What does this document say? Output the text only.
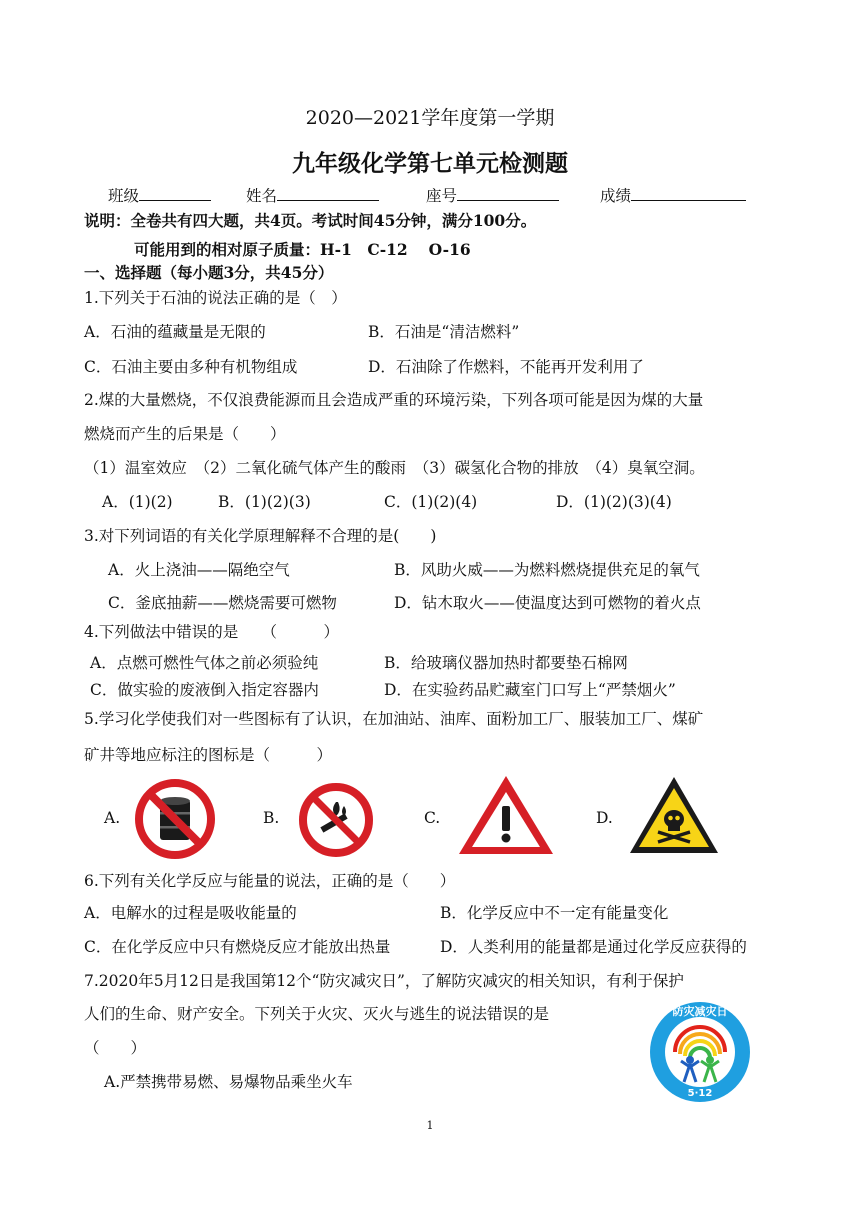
2020—2021学年度第一学期
九年级化学第七单元检测题
班级	姓名	座号	成绩
说明：全卷共有四大题，共4页。考试时间45分钟，满分100分。
可能用到的相对原子质量：H-1　C-12　 O-16
一、选择题（每小题3分，共45分）
1.下列关于石油的说法正确的是（　）
A．石油的蕴藏量是无限的	B．石油是“清洁燃料”
C．石油主要由多种有机物组成	D．石油除了作燃料，不能再开发利用了
2.煤的大量燃烧，不仅浪费能源而且会造成严重的环境污染，下列各项可能是因为煤的大量
燃烧而产生的后果是（　　）
（1）温室效应　（2）二氧化硫气体产生的酸雨　（3）碳氢化合物的排放　（4）臭氧空洞。
A．(1)(2)	B．(1)(2)(3)	C．(1)(2)(4)	D．(1)(2)(3)(4)
3.对下列词语的有关化学原理解释不合理的是(　　)
A．火上浇油——隔绝空气	B．风助火威——为燃料燃烧提供充足的氧气
C．釜底抽薪——燃烧需要可燃物	D．钻木取火——使温度达到可燃物的着火点
4.下列做法中错误的是　　（　　　）
A．点燃可燃性气体之前必须验纯	B．给玻璃仪器加热时都要垫石棉网
C．做实验的废液倒入指定容器内	D．在实验药品贮藏室门口写上“严禁烟火”
5.学习化学使我们对一些图标有了认识，在加油站、油库、面粉加工厂、服装加工厂、煤矿
矿井等地应标注的图标是（　　　）
A.	B.	C.	D.
6.下列有关化学反应与能量的说法，正确的是（　　）
A．电解水的过程是吸收能量的	B．化学反应中不一定有能量变化
C．在化学反应中只有燃烧反应才能放出热量	D．人类利用的能量都是通过化学反应获得的
7.2020年5月12日是我国第12个“防灾减灾日”，了解防灾减灾的相关知识，有利于保护
人们的生命、财产安全。下列关于火灾、灭火与逃生的说法错误的是
（　　）
A.严禁携带易燃、易爆物品乘坐火车
防灾减灾日
5·12
1
